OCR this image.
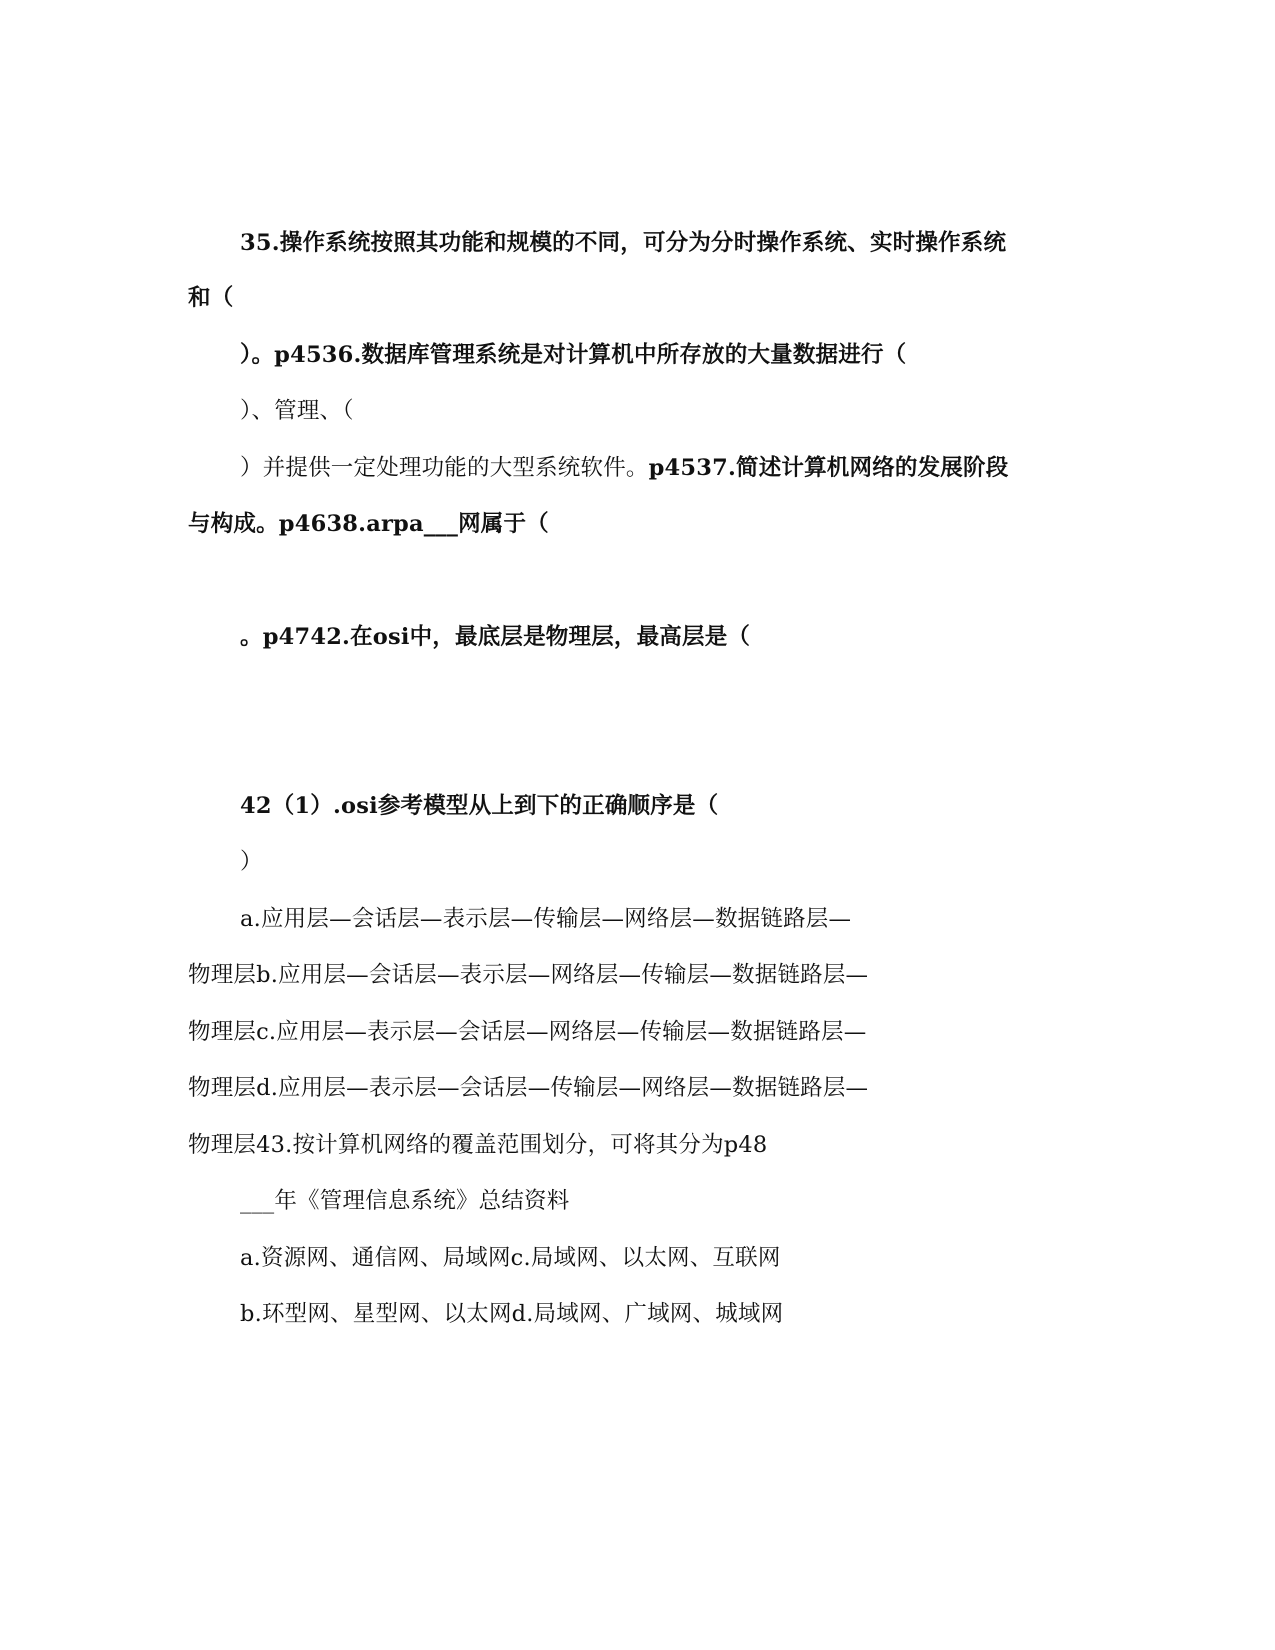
35.操作系统按照其功能和规模的不同，可分为分时操作系统、实时操作系统
和（
）。p4536.数据库管理系统是对计算机中所存放的大量数据进行（
）、管理、（
）并提供一定处理功能的大型系统软件。p4537.简述计算机网络的发展阶段
与构成。p4638.arpa___网属于（
。p4742.在osi中，最底层是物理层，最高层是（
42（1）.osi参考模型从上到下的正确顺序是（
）
a.应用层—会话层—表示层—传输层—网络层—数据链路层—
物理层b.应用层—会话层—表示层—网络层—传输层—数据链路层—
物理层c.应用层—表示层—会话层—网络层—传输层—数据链路层—
物理层d.应用层—表示层—会话层—传输层—网络层—数据链路层—
物理层43.按计算机网络的覆盖范围划分，可将其分为p48
___年《管理信息系统》总结资料
a.资源网、通信网、局域网c.局域网、以太网、互联网
b.环型网、星型网、以太网d.局域网、广域网、城域网
